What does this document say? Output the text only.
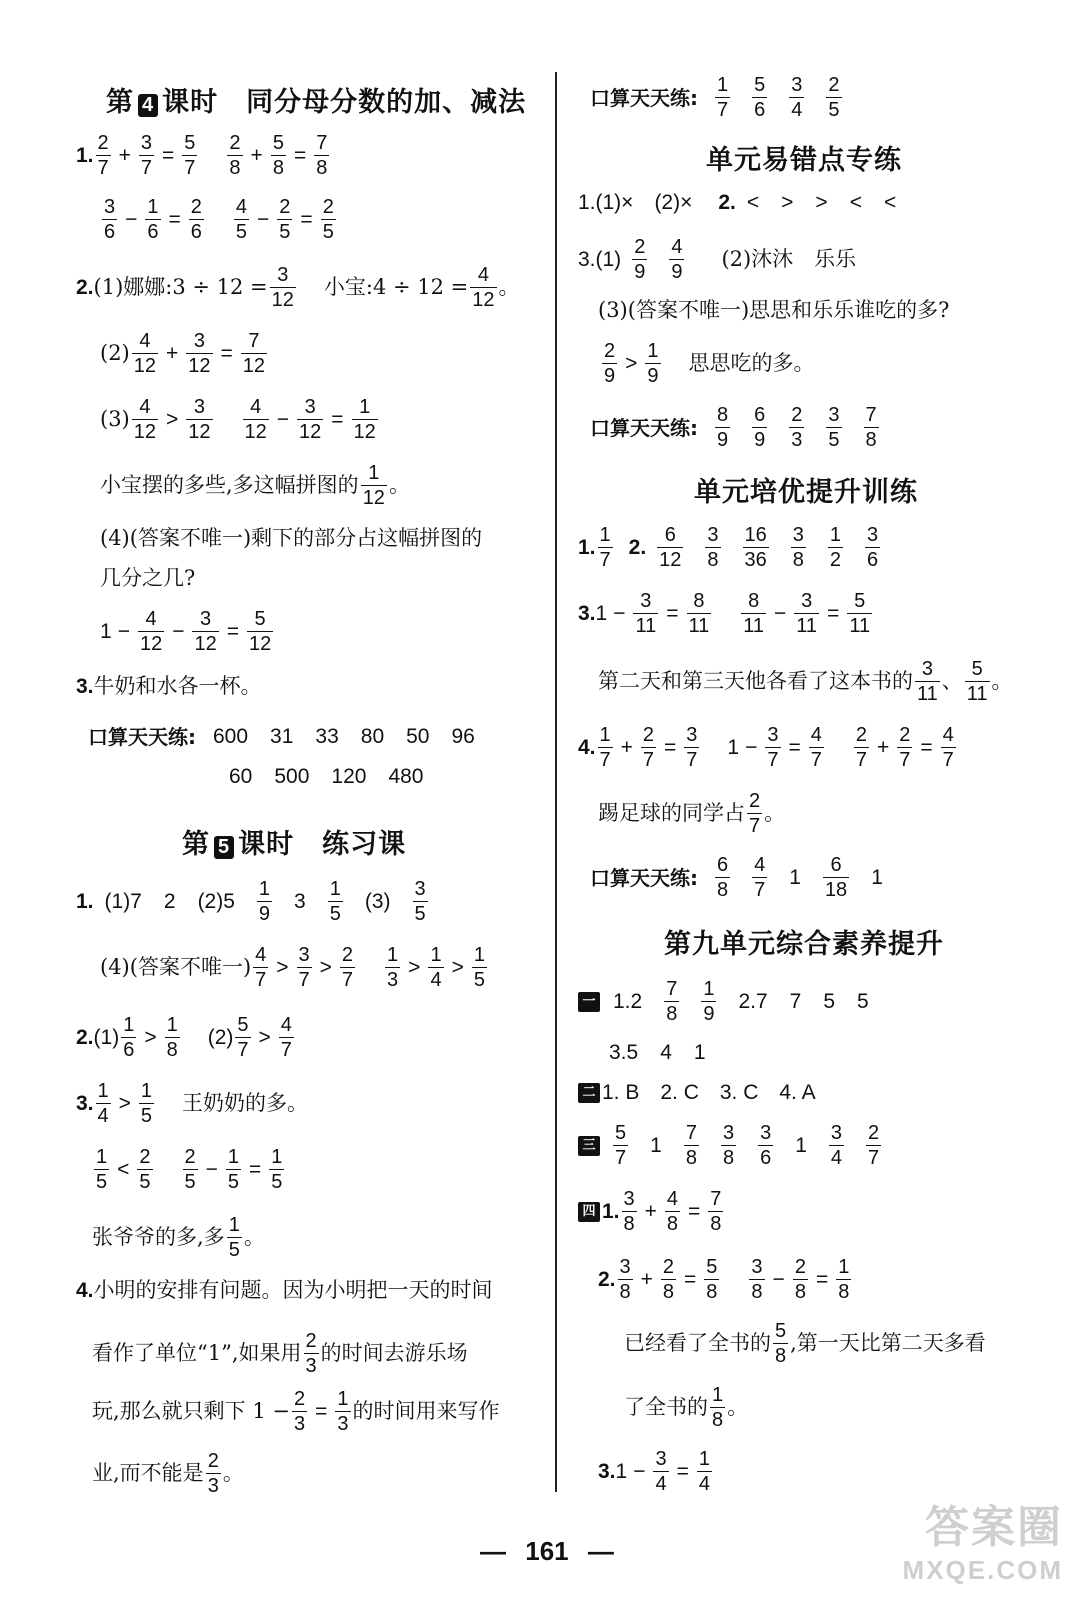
第 4 课时　同分母分数的加、减法
1. $\frac{2}{7} + \frac{3}{7} = \frac{5}{7} \frac{2}{8} + \frac{5}{8} = \frac{7}{8}$
$\frac{3}{6} - \frac{1}{6} = \frac{2}{6} \frac{4}{5} - \frac{2}{5} = \frac{2}{5}$
2. (1)娜娜:3 ÷ $12 = \frac{3}{12}$ 小宝:4 ÷ $12 = \frac{4}{12}$ 。
$(2) \frac{4}{12} + \frac{3}{12} = \frac{7}{12}$
$(3) \frac{4}{12} > \frac{3}{12} \frac{4}{12} - \frac{3}{12} = \frac{1}{12}$
小宝摆的多些,多这幅拼图的 $\frac{1}{12}$ 。
(4)(答案不唯一)剩下的部分占这幅拼图的
几分之几?
$1 - \frac{4}{12} - \frac{3}{12} = \frac{5}{12}$
3. 牛奶和水各一杯。
口算天天练: 600 31 33 80 50 96
60 500 120 480
第 5 课时　练习课
1. (1)7 2 $(2)5 \frac{1}{9} 3 \frac{1}{5} (3) \frac{3}{5}$
(4)(答案不唯一) $\frac{4}{7} > \frac{3}{7} > \frac{2}{7} \frac{1}{3} > \frac{1}{4} > \frac{1}{5}$
2. $(1) \frac{1}{6} > \frac{1}{8} (2) \frac{5}{7} > \frac{4}{7}$
3. $\frac{1}{4} > \frac{1}{5}$ 王奶奶的多。
$\frac{1}{5} < \frac{2}{5} \frac{2}{5} - \frac{1}{5} = \frac{1}{5}$
张爷爷的多,多 $\frac{1}{5}$ 。
4. 小明的安排有问题。因为小明把一天的时间
看作了单位“1”,如果用 $\frac{2}{3}$ 的时间去游乐场
玩,那么就只剩下 $1 - \frac{2}{3} = \frac{1}{3}$ 的时间用来写作
业,而不能是 $\frac{2}{3}$ 。
口算天天练: $\frac{1}{7} \frac{5}{6} \frac{3}{4} \frac{2}{5}$
单元易错点专练
1.(1)×　(2)× 2. < > > < <
$3.(1) \frac{2}{9} \frac{4}{9} (2)$沐沐　乐乐
(3)(答案不唯一)思思和乐乐谁吃的多?
$\frac{2}{9} > \frac{1}{9}$ 思思吃的多。
口算天天练: $\frac{8}{9} \frac{6}{9} \frac{2}{3} \frac{3}{5} \frac{7}{8}$
单元培优提升训练
1. $\frac{1}{7} 2$. $\frac{6}{12} \frac{3}{8} \frac{16}{36} \frac{3}{8} \frac{1}{2} \frac{3}{6}$
3. $1 - \frac{3}{11} = \frac{8}{11} \frac{8}{11} - \frac{3}{11} = \frac{5}{11}$
第二天和第三天他各看了这本书的 $\frac{3}{11}$ 、 $\frac{5}{11}$ 。
4. $\frac{1}{7} + \frac{2}{7} = \frac{3}{7} 1 - \frac{3}{7} = \frac{4}{7} \frac{2}{7} + \frac{2}{7} = \frac{4}{7}$
踢足球的同学占 $\frac{2}{7}$ 。
口算天天练: $\frac{6}{8} \frac{4}{7} 1 \frac{6}{18} 1$
第九单元综合素养提升
一 $1.2 \frac{7}{8} \frac{1}{9} 2.7$ 7 5 5
3.5 4 1
二 1. B　2. C　3. C　4. A
三 $\frac{5}{7} 1 \frac{7}{8} \frac{3}{8} \frac{3}{6} 1 \frac{3}{4} \frac{2}{7}$
四 1. $\frac{3}{8} + \frac{4}{8} = \frac{7}{8}$
2. $\frac{3}{8} + \frac{2}{8} = \frac{5}{8} \frac{3}{8} - \frac{2}{8} = \frac{1}{8}$
已经看了全书的 $\frac{5}{8}$ ,第一天比第二天多看
了全书的 $\frac{1}{8}$ 。
3. $1 - \frac{3}{4} = \frac{1}{4}$
— 161 —	答案圈
MXQE.COM
